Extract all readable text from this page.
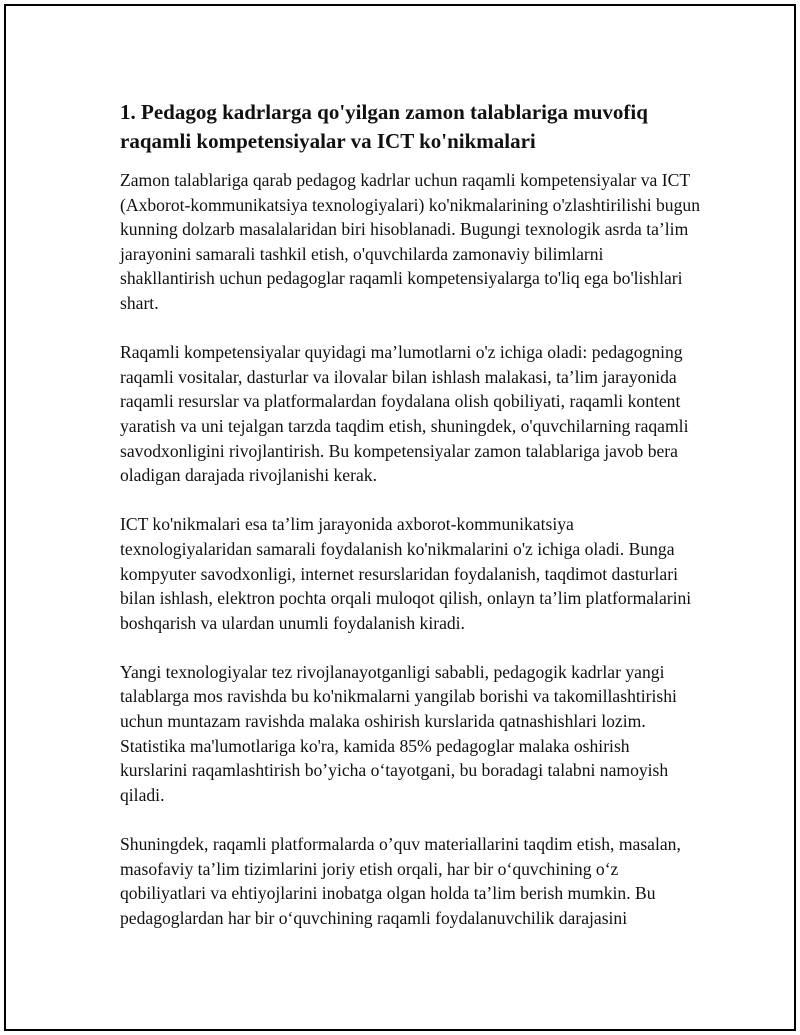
1. Pedagog kadrlarga qo'yilgan zamon talablariga muvofiq raqamli kompetensiyalar va ICT ko'nikmalari

Zamon talablariga qarab pedagog kadrlar uchun raqamli kompetensiyalar va ICT (Axborot-kommunikatsiya texnologiyalari) ko'nikmalarining o'zlashtirilishi bugun kunning dolzarb masalalaridan biri hisoblanadi. Bugungi texnologik asrda ta’lim jarayonini samarali tashkil etish, o'quvchilarda zamonaviy bilimlarni shakllantirish uchun pedagoglar raqamli kompetensiyalarga to'liq ega bo'lishlari shart.

Raqamli kompetensiyalar quyidagi ma’lumotlarni o'z ichiga oladi: pedagogning raqamli vositalar, dasturlar va ilovalar bilan ishlash malakasi, ta’lim jarayonida raqamli resurslar va platformalardan foydalana olish qobiliyati, raqamli kontent yaratish va uni tejalgan tarzda taqdim etish, shuningdek, o'quvchilarning raqamli savodxonligini rivojlantirish. Bu kompetensiyalar zamon talablariga javob bera oladigan darajada rivojlanishi kerak.

ICT ko'nikmalari esa ta’lim jarayonida axborot-kommunikatsiya texnologiyalaridan samarali foydalanish ko'nikmalarini o'z ichiga oladi. Bunga kompyuter savodxonligi, internet resurslaridan foydalanish, taqdimot dasturlari bilan ishlash, elektron pochta orqali muloqot qilish, onlayn ta’lim platformalarini boshqarish va ulardan unumli foydalanish kiradi.

Yangi texnologiyalar tez rivojlanayotganligi sababli, pedagogik kadrlar yangi talablarga mos ravishda bu ko'nikmalarni yangilab borishi va takomillashtirishi uchun muntazam ravishda malaka oshirish kurslarida qatnashishlari lozim. Statistika ma'lumotlariga ko'ra, kamida 85% pedagoglar malaka oshirish kurslarini raqamlashtirish bo’yicha o‘tayotgani, bu boradagi talabni namoyish qiladi.

Shuningdek, raqamli platformalarda o’quv materiallarini taqdim etish, masalan, masofaviy ta’lim tizimlarini joriy etish orqali, har bir o‘quvchining o‘z qobiliyatlari va ehtiyojlarini inobatga olgan holda ta’lim berish mumkin. Bu pedagoglardan har bir o‘quvchining raqamli foydalanuvchilik darajasini
